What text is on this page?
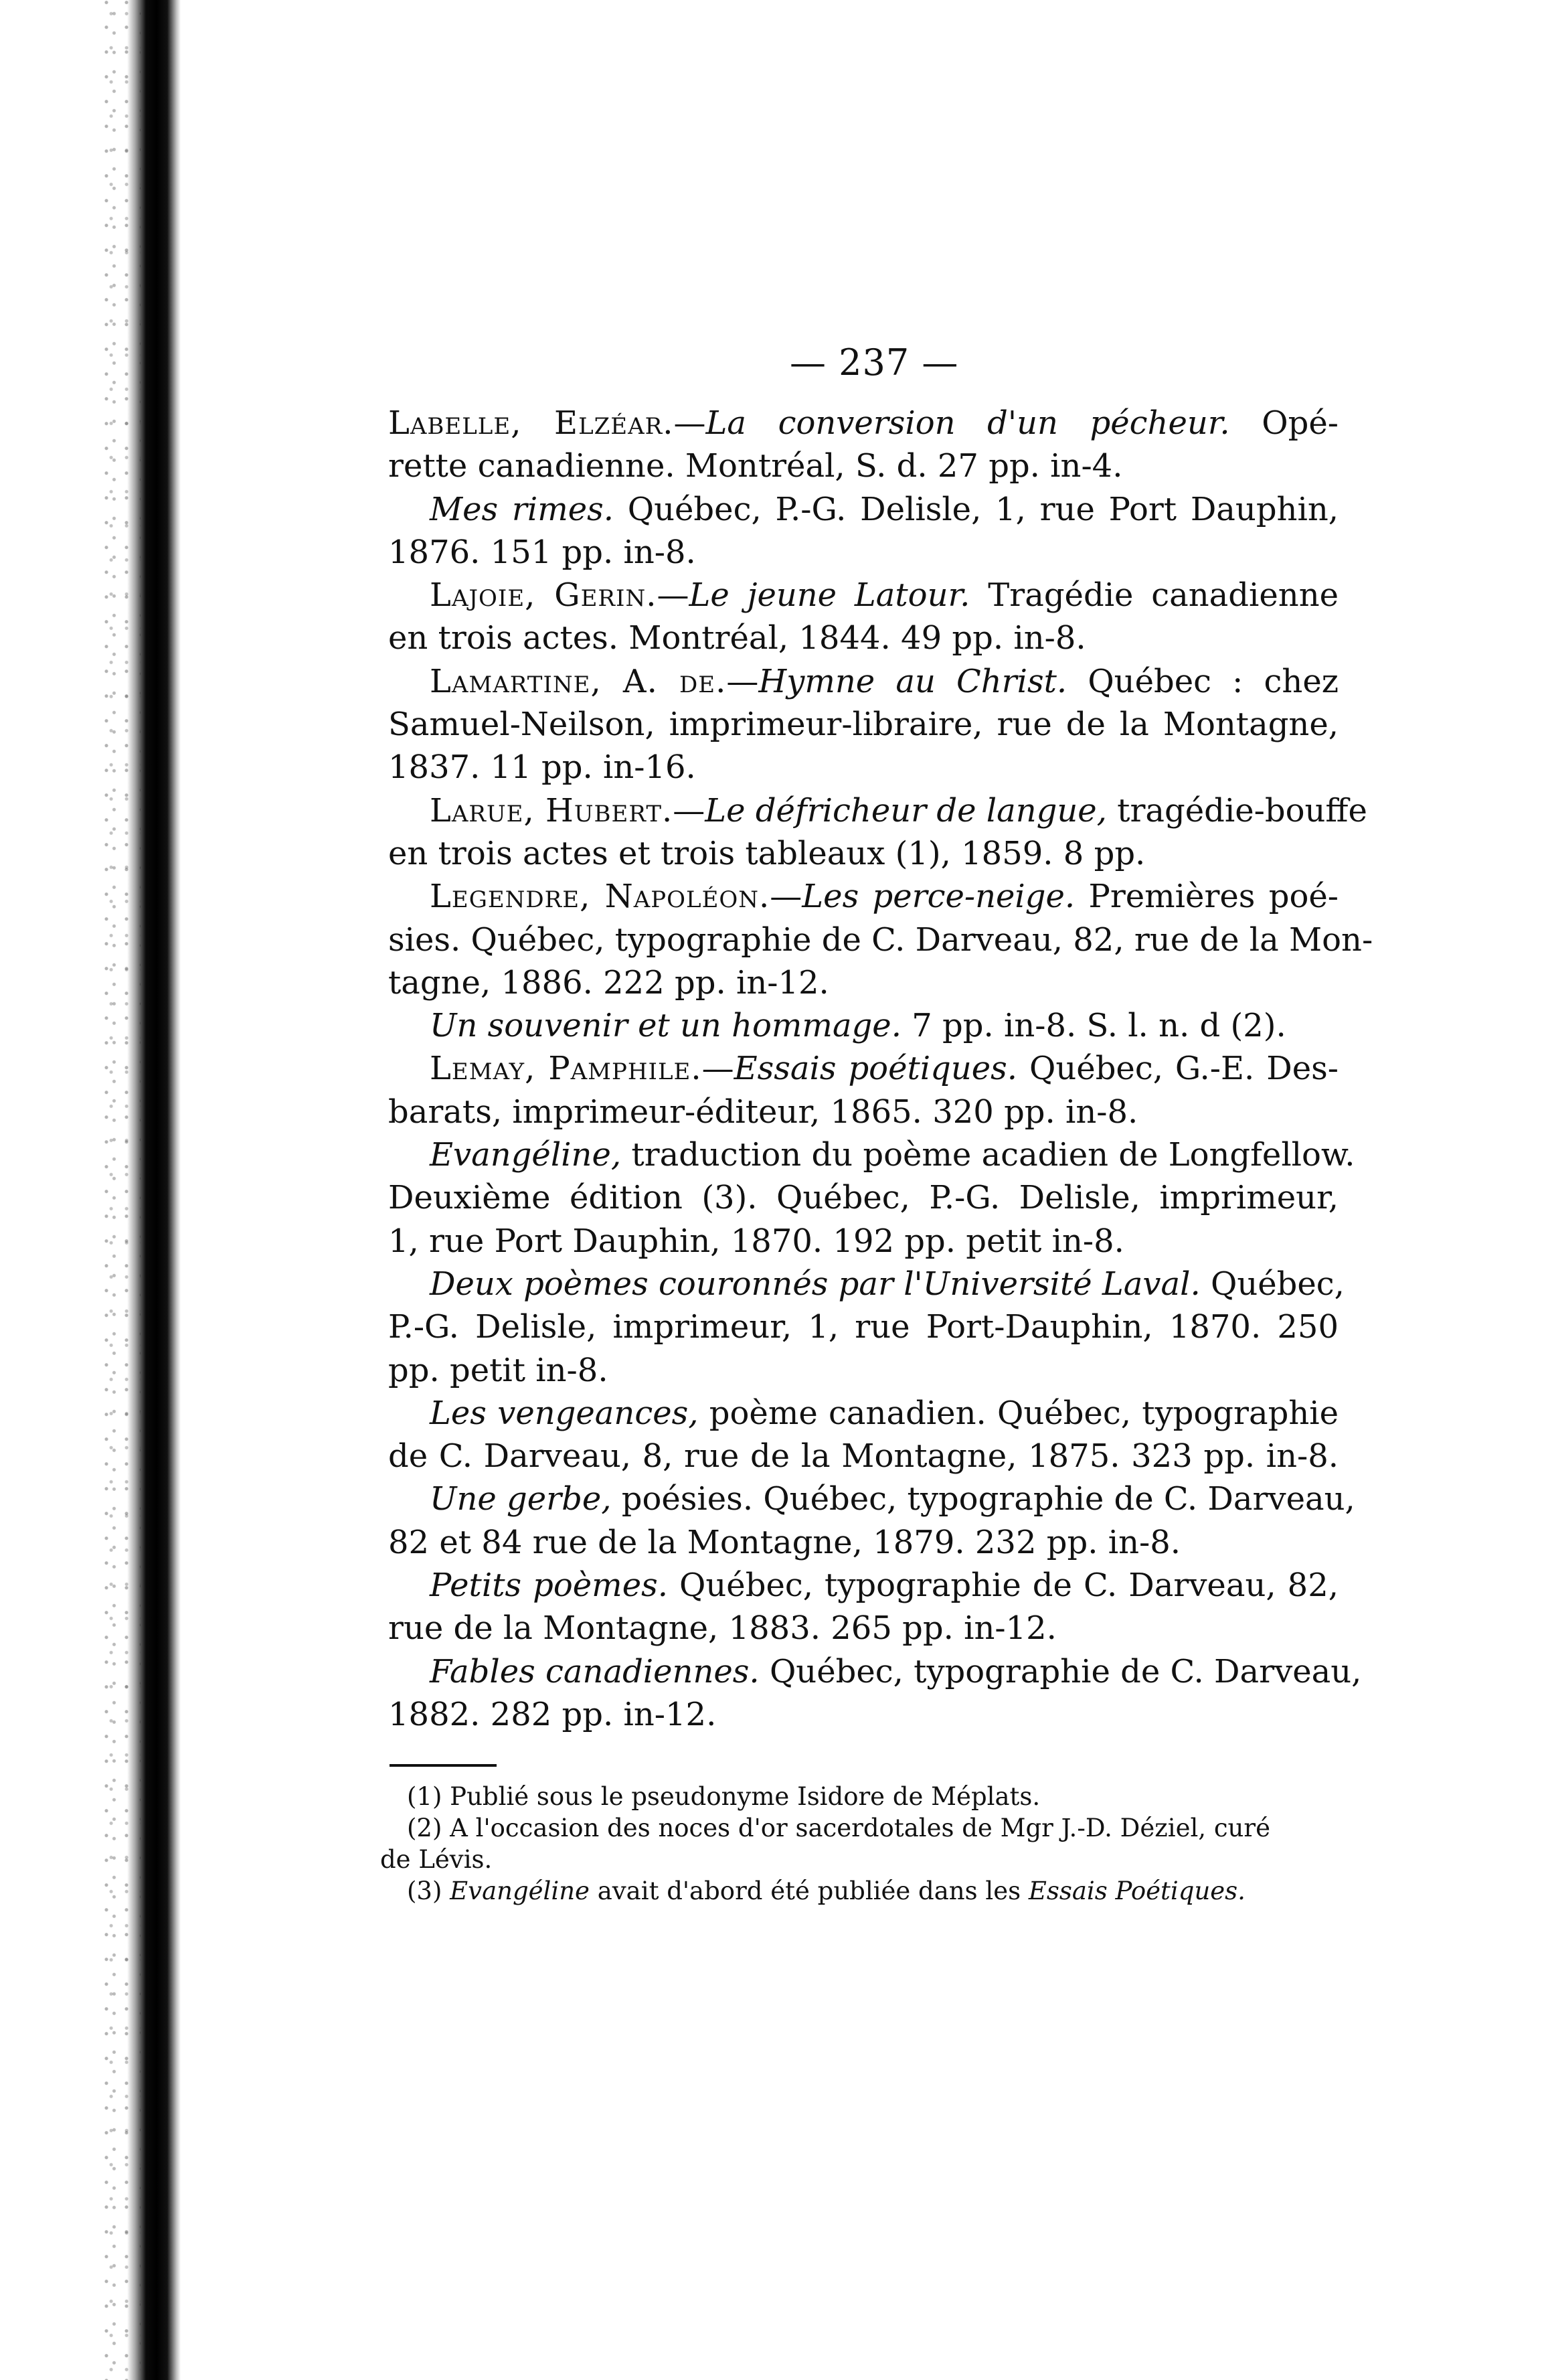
— 237 —
Labelle, Elzéar.—La conversion d'un pécheur. Opé-
rette canadienne. Montréal, S. d. 27 pp. in-4.
Mes rimes. Québec, P.-G. Delisle, 1, rue Port Dauphin,
1876. 151 pp. in-8.
Lajoie, Gerin.—Le jeune Latour. Tragédie canadienne
en trois actes. Montréal, 1844. 49 pp. in-8.
Lamartine, A. de.—Hymne au Christ. Québec : chez
Samuel-Neilson, imprimeur-libraire, rue de la Montagne,
1837. 11 pp. in-16.
Larue, Hubert.—Le défricheur de langue, tragédie-bouffe
en trois actes et trois tableaux (1), 1859. 8 pp.
Legendre, Napoléon.—Les perce-neige. Premières poé-
sies. Québec, typographie de C. Darveau, 82, rue de la Mon-
tagne, 1886. 222 pp. in-12.
Un souvenir et un hommage. 7 pp. in-8. S. l. n. d (2).
Lemay, Pamphile.—Essais poétiques. Québec, G.-E. Des-
barats, imprimeur-éditeur, 1865. 320 pp. in-8.
Evangéline, traduction du poème acadien de Longfellow.
Deuxième édition (3). Québec, P.-G. Delisle, imprimeur,
1, rue Port Dauphin, 1870. 192 pp. petit in-8.
Deux poèmes couronnés par l'Université Laval. Québec,
P.-G. Delisle, imprimeur, 1, rue Port-Dauphin, 1870. 250
pp. petit in-8.
Les vengeances, poème canadien. Québec, typographie
de C. Darveau, 8, rue de la Montagne, 1875. 323 pp. in-8.
Une gerbe, poésies. Québec, typographie de C. Darveau,
82 et 84 rue de la Montagne, 1879. 232 pp. in-8.
Petits poèmes. Québec, typographie de C. Darveau, 82,
rue de la Montagne, 1883. 265 pp. in-12.
Fables canadiennes. Québec, typographie de C. Darveau,
1882. 282 pp. in-12.
(1) Publié sous le pseudonyme Isidore de Méplats.
(2) A l'occasion des noces d'or sacerdotales de Mgr J.-D. Déziel, curé
de Lévis.
(3) Evangéline avait d'abord été publiée dans les Essais Poétiques.
